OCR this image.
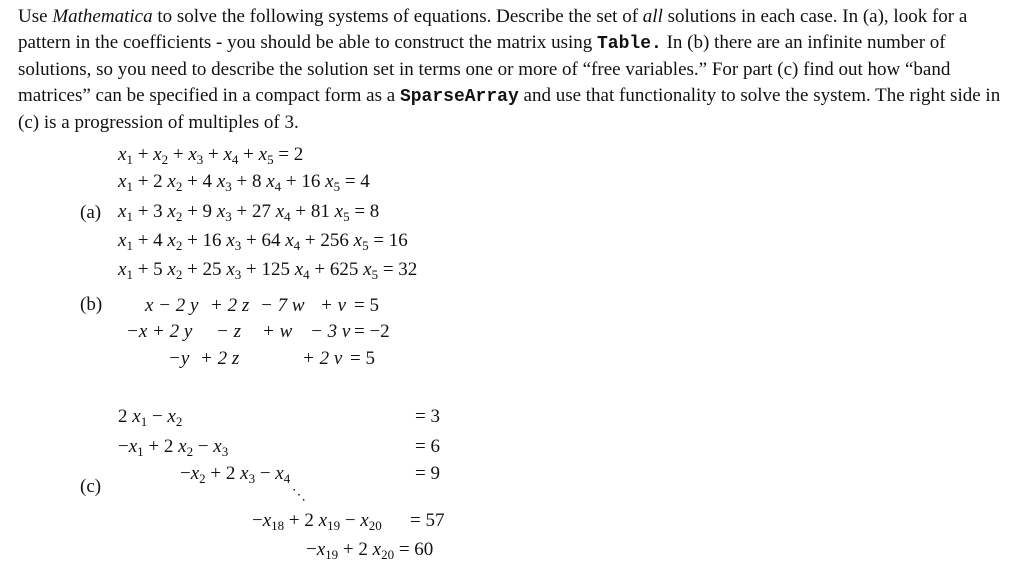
Use Mathematica to solve the following systems of equations. Describe the set of all solutions in each case. In (a), look for a pattern in the coefficients - you should be able to construct the matrix using Table. In (b) there are an infinite number of solutions, so you need to describe the solution set in terms one or more of “free variables.” For part (c) find out how “band matrices” can be specified in a compact form as a SparseArray and use that functionality to solve the system. The right side in (c) is a progression of multiples of 3.
(a)
$x_1 + x_2 + x_3 + x_4 + x_5 = 2$
$x_1 + 2$ $x_2 + 4$ $x_3 + 8$ $x_4 + 16$ $x_5 = 4$
$x_1 + 3$ $x_2 + 9$ $x_3 + 27$ $x_4 + 81$ $x_5 = 8$
$x_1 + 4$ $x_2 + 16$ $x_3 + 64$ $x_4 + 256$ $x_5 = 16$
$x_1 + 5$ $x_2 + 25$ $x_3 + 125$ $x_4 + 625$ $x_5 = 32$
(b) x − 2 y + 2 z − 7 w + v = 5
−x + 2 y − z + w − 3 v = −2
−y + 2 z	+ 2 v = 5
(c)
2 $x_1 - x_2$	= 3
$-x_1 + 2$ $x_2 - x_3$	= 6
$-x_2 + 2$ $x_3 - x_4$	= 9
⋱
$-x_{18} + 2$ $x_{19} - x_{20} = 57$
$-x_{19} + 2$ $x_{20} = 60$
